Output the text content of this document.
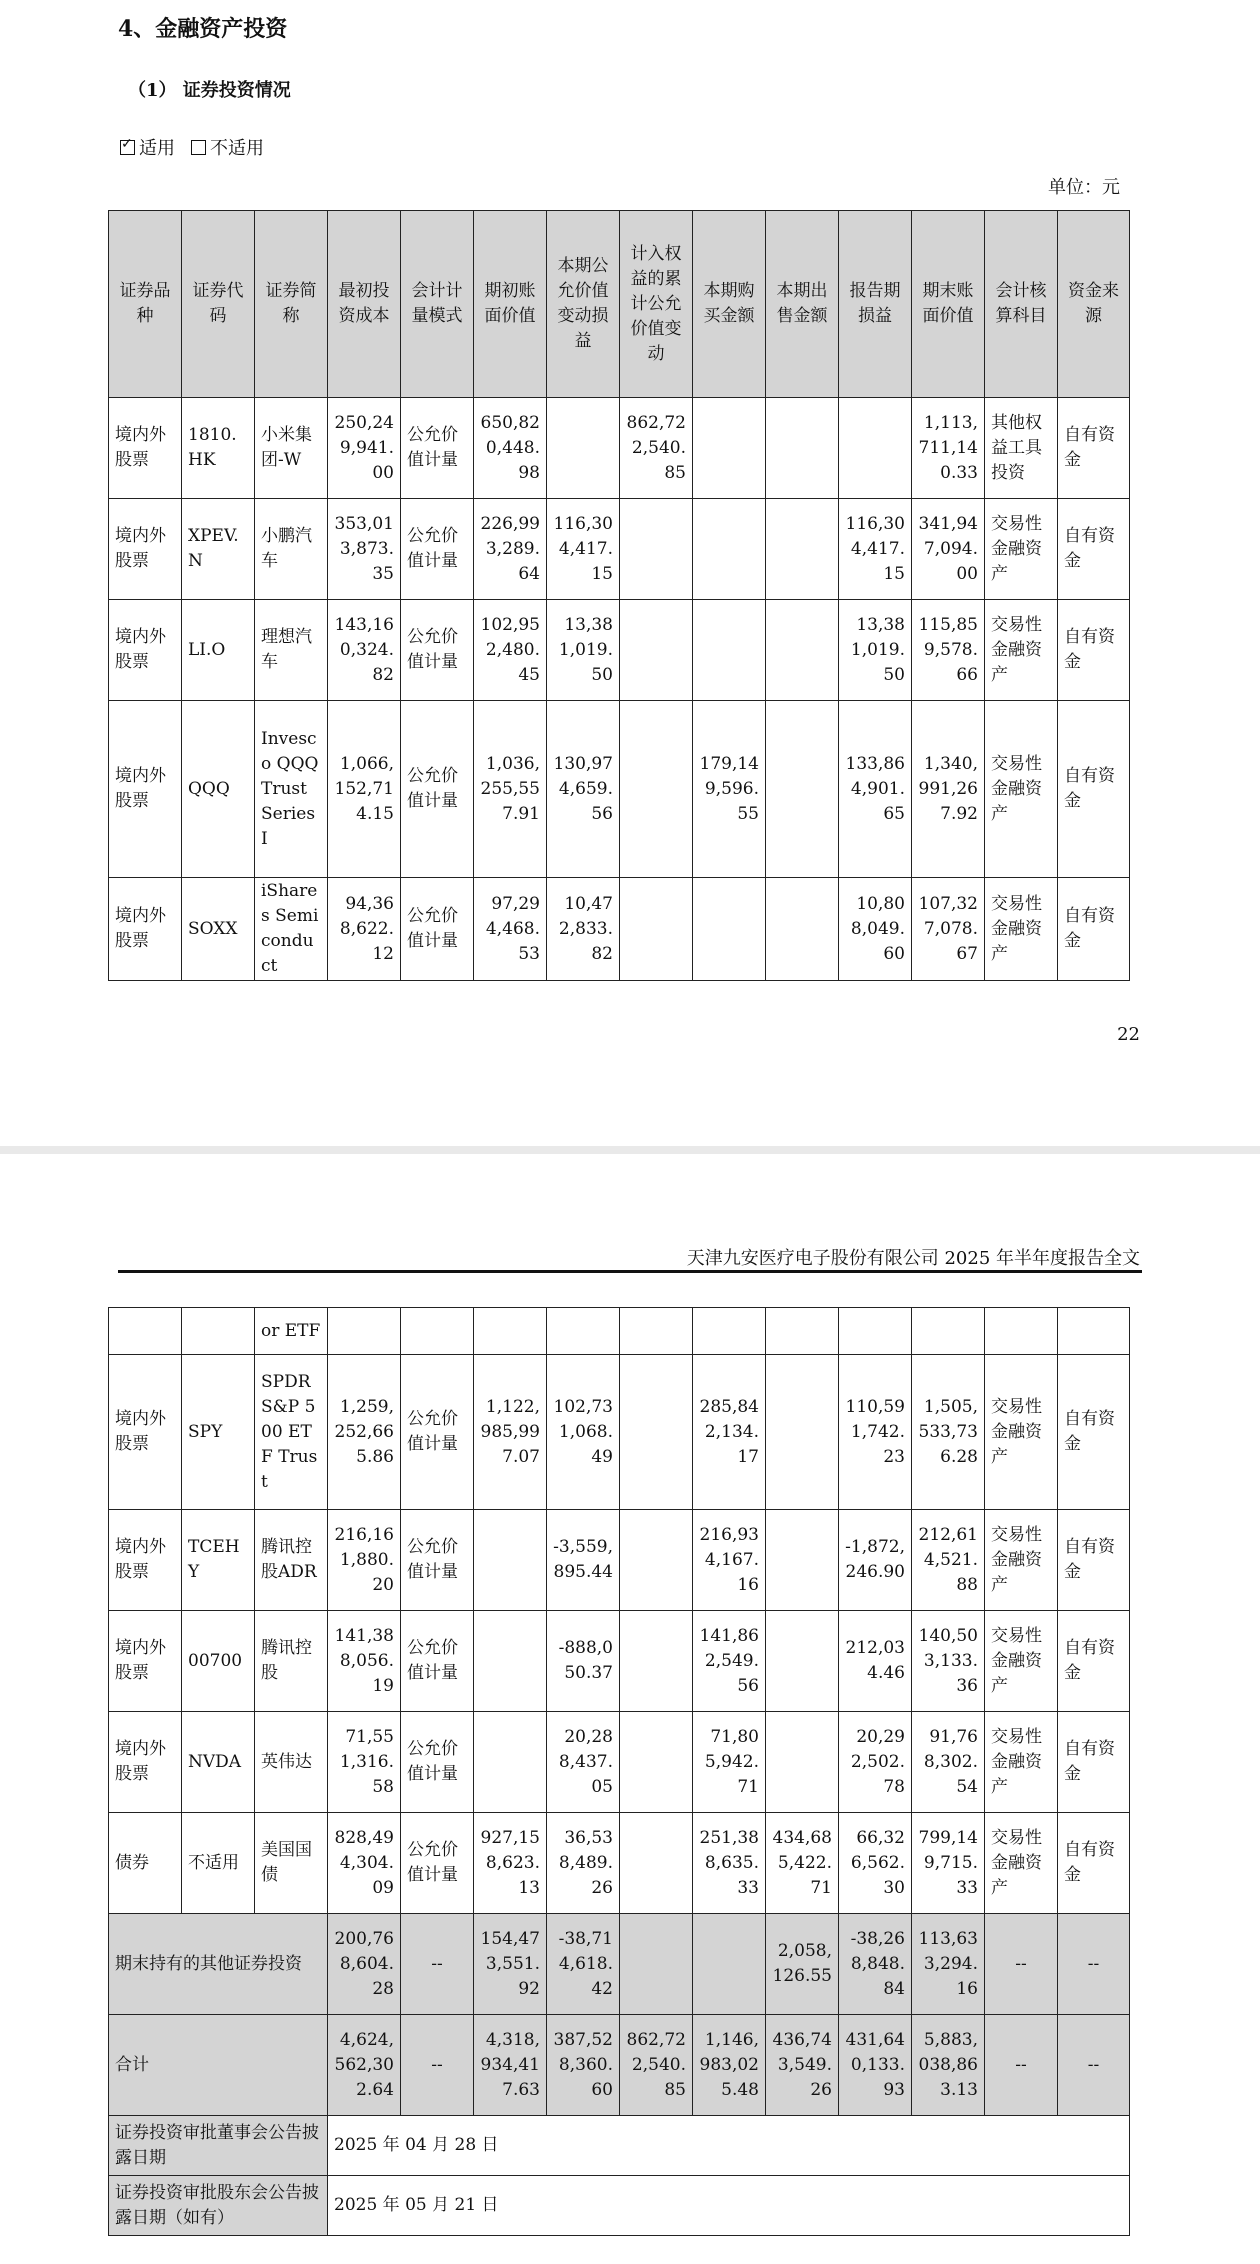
4、金融资产投资
（1） 证券投资情况
✓
适用 不适用
单位：元
证券品种	证券代码	证券简称	最初投资成本	会计计量模式	期初账面价值	本期公允价值变动损益	计入权益的累计公允价值变动	本期购买金额	本期出售金额	报告期损益	期末账面价值	会计核算科目	资金来源
境内外股票	1810.HK	小米集团-W	250,249,941.00	公允价值计量	650,820,448.98		862,722,540.85				1,113,711,140.33	其他权益工具投资	自有资金
境内外股票	XPEV.N	小鹏汽车	353,013,873.35	公允价值计量	226,993,289.64	116,304,417.15				116,304,417.15	341,947,094.00	交易性金融资产	自有资金
境内外股票	LI.O	理想汽车	143,160,324.82	公允价值计量	102,952,480.45	13,381,019.50				13,381,019.50	115,859,578.66	交易性金融资产	自有资金
境内外股票	QQQ	Invesco QQQ Trust Series I	1,066,152,714.15	公允价值计量	1,036,255,557.91	130,974,659.56		179,149,596.55		133,864,901.65	1,340,991,267.92	交易性金融资产	自有资金
境内外股票	SOXX	iShares Semiconduct	94,368,622.12	公允价值计量	97,294,468.53	10,472,833.82				10,808,049.60	107,327,078.67	交易性金融资产	自有资金
22
天津九安医疗电子股份有限公司 2025 年半年度报告全文
		or ETF											
境内外股票	SPY	SPDR S&P 500 ETF Trust	1,259,252,665.86	公允价值计量	1,122,985,997.07	102,731,068.49		285,842,134.17		110,591,742.23	1,505,533,736.28	交易性金融资产	自有资金
境内外股票	TCEHY	腾讯控股ADR	216,161,880.20	公允价值计量		-3,559,895.44		216,934,167.16		-1,872,246.90	212,614,521.88	交易性金融资产	自有资金
境内外股票	00700	腾讯控股	141,388,056.19	公允价值计量		-888,050.37		141,862,549.56		212,034.46	140,503,133.36	交易性金融资产	自有资金
境内外股票	NVDA	英伟达	71,551,316.58	公允价值计量		20,288,437.05		71,805,942.71		20,292,502.78	91,768,302.54	交易性金融资产	自有资金
债券	不适用	美国国债	828,494,304.09	公允价值计量	927,158,623.13	36,538,489.26		251,388,635.33	434,685,422.71	66,326,562.30	799,149,715.33	交易性金融资产	自有资金
期末持有的其他证券投资			200,768,604.28	--	154,473,551.92	-38,714,618.42			2,058,126.55	-38,268,848.84	113,633,294.16	--	--
合计			4,624,562,302.64	--	4,318,934,417.63	387,528,360.60	862,722,540.85	1,146,983,025.48	436,743,549.26	431,640,133.93	5,883,038,863.13	--	--
证券投资审批董事会公告披露日期			2025 年 04 月 28 日										
证券投资审批股东会公告披露日期（如有）			2025 年 05 月 21 日										
